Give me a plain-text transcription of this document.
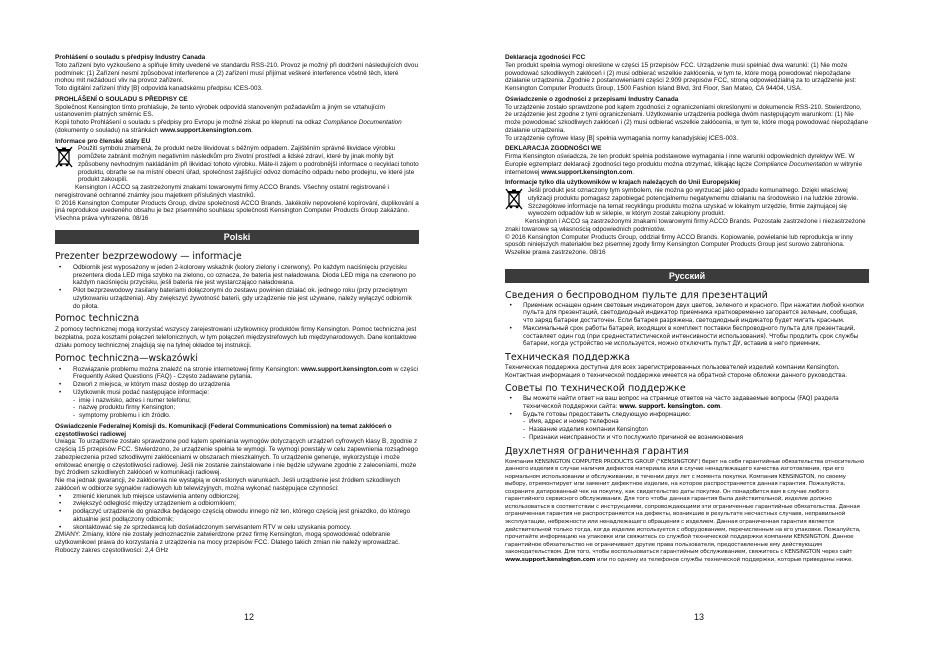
Prohlášení o souladu s předpisy Industry Canada

Toto zařízení bylo vyzkoušeno a splňuje limity uvedené ve standardu RSS-210. Provoz je možný při dodržení následujících dvou podmínek: (1) Zařízení nesmí způsobovat interference a (2) zařízení musí přijímat veškeré interference včetně těch, které mohou mít nežádoucí vliv na provoz zařízení.

Toto digitální zařízení třídy [B] odpovídá kanadskému předpisu ICES-003.

PROHLÁŠENÍ O SOULADU S PŘEDPISY CE

Společnost Kensington tímto prohlašuje, že tento výrobek odpovídá stanoveným požadavkům a jiným se vztahujícím ustanovením platných směrnic ES.

Kopii tohoto Prohlášení o souladu s předpisy pro Evropu je možné získat po klepnutí na odkaz Compliance Documentation (dokumenty o souladu) na stránkách www.support.kensington.com.

Informace pro členské státy EU

Použití symbolu znamená, že produkt nelze likvidovat s běžným odpadem. Zajištěním správné likvidace výrobku pomůžete zabránit možným negativním následkům pro životní prostředí a lidské zdraví, které by jinak mohly být způsobeny nevhodným nakládáním při likvidaci tohoto výrobku. Máte-li zájem o podrobnější informace o recyklaci tohoto produktu, obraťte se na místní obecní úřad, společnost zajišťující odvoz domácího odpadu nebo prodejnu, ve které jste produkt zakoupili.

Kensington i ACCO są zastrzeżonymi znakami towarowymi firmy ACCO Brands. Všechny ostatní registrované i neregistrované ochranné známky jsou majetkem příslušných vlastníků.

© 2016 Kensington Computer Products Group, divize společnosti ACCO Brands. Jakékoliv nepovolené kopírování, duplikování a jiná reprodukce uvedeného obsahu je bez písemného souhlasu společnosti Kensington Computer Products Group zakázáno. Všechna práva vyhrazena. 08/16

Polski
Prezenter bezprzewodowy — informacje
• Odbiornik jest wyposażony w jeden 2-kolorowy wskaźnik (kolory zielony i czerwony). Po każdym naciśnięciu przycisku prezentera dioda LED miga szybko na zielono, co oznacza, że bateria jest naładowana. Dioda LED miga na czerwono po każdym naciśnięciu przycisku, jeśli bateria nie jest wystarczająco naładowana.
• Pilot bezprzewodowy zasilany bateriami dołączonymi do zestawu powinien działać ok. jednego roku (przy przeciętnym użytkowaniu urządzenia). Aby zwiększyć żywotność baterii, gdy urządzenie nie jest używane, należy wyłączyć odbiornik do pilota.
Pomoc techniczna

Z pomocy technicznej mogą korzystać wszyscy zarejestrowani użytkownicy produktów firmy Kensington. Pomoc techniczna jest bezpłatna, poza kosztami połączeń telefonicznych, w tym połączeń międzystrefowych lub międzynarodowych. Dane kontaktowe działu pomocy technicznej znajdują się na tylnej okładce tej instrukcji.

Pomoc techniczna—wskazówki
• Rozwiązanie problemu można znaleźć na stronie internetowej firmy Kensington: www.support.kensington.com w części Frequently Asked Questions (FAQ) - Często zadawane pytania.
• Dzwoń z miejsca, w którym masz dostęp do urządzenia
• Użytkownik musi podać następujące informacje:
- imię i nazwisko, adres i numer telefonu;
- nazwę produktu firmy Kensington;
- symptomy problemu i ich źródło.

Oświadczenie Federalnej Komisji ds. Komunikacji (Federal Communications Commission) na temat zakłóceń o częstotliwości radiowej

Uwaga: To urządzenie zostało sprawdzone pod kątem spełniania wymogów dotyczących urządzeń cyfrowych klasy B, zgodnie z częścią 15 przepisów FCC. Stwierdzono, że urządzenie spełnia te wymogi. Te wymogi powstały w celu zapewnienia rozsądnego zabezpieczenia przed szkodliwymi zakłóceniami w obszarach mieszkalnych. To urządzenie generuje, wykorzystuje i może emitować energię o częstotliwości radiowej. Jeśli nie zostanie zainstalowane i nie będzie używane zgodnie z zaleceniami, może być źródłem szkodliwych zakłóceń w komunikacji radiowej.

Nie ma jednak gwarancji, że zakłócenia nie wystąpią w określonych warunkach. Jeśli urządzenie jest źródłem szkodliwych zakłóceń w odbiorze sygnałów radiowych lub telewizyjnych, można wykonać następujące czynności:

• zmienić kierunek lub miejsce ustawienia anteny odbiorczej;
• zwiększyć odległość między urządzeniem a odbiornikiem;
• podłączyć urządzenie do gniazdka będącego częścią obwodu innego niż ten, którego częścią jest gniazdko, do którego aktualnie jest podłączony odbiornik;
• skontaktować się ze sprzedawcą lub doświadczonym serwisantem RTV w celu uzyskania pomocy.

ZMIANY: Zmiany, które nie zostały jednoznacznie zatwierdzone przez firmę Kensington, mogą spowodować odebranie użytkownikowi prawa do korzystania z urządzenia na mocy przepisów FCC. Dlatego takich zmian nie należy wprowadzać.

Roboczy zakres częstotliwości: 2,4 GHz

12

Deklaracja zgodności FCC

Ten produkt spełnia wymogi określone w części 15 przepisów FCC. Urządzenie musi spełniać dwa warunki: (1) Nie może powodować szkodliwych zakłóceń i (2) musi odbierać wszelkie zakłócenia, w tym te, które mogą powodować niepożądane działanie urządzenia. Zgodnie z postanowieniami części 2.909 przepisów FCC, stroną odpowiedzialną za to urządzenie jest: Kensington Computer Products Group, 1500 Fashion Island Blvd, 3rd Floor, San Mateo, CA 94404, USA.

Oświadczenie o zgodności z przepisami Industry Canada

To urządzenie zostało sprawdzone pod kątem zgodności z ograniczeniami określonymi w dokumencie RSS-210. Stwierdzono, że urządzenie jest zgodne z tymi ograniczeniami. Użytkowanie urządzenia podlega dwóm następującym warunkom: (1) Nie może powodować szkodliwych zakłóceń i (2) musi odbierać wszelkie zakłócenia, w tym te, które mogą powodować niepożądane działanie urządzenia.

To urządzenie cyfrowe klasy [B] spełnia wymagania normy kanadyjskiej ICES-003.

DEKLARACJA ZGODNOŚCI WE

Firma Kensington oświadcza, że ten produkt spełnia podstawowe wymagania i inne warunki odpowiednich dyrektyw WE. W Europie egzemplarz deklaracji zgodności tego produktu można otrzymać, klikając łącze Compliance Documentation w witrynie internetowej www.support.kensington.com.

Informacje tylko dla użytkowników w krajach należących do Unii Europejskiej

Jeśli produkt jest oznaczony tym symbolem, nie można go wyrzucać jako odpadu komunalnego. Dzięki właściwej utylizacji produktu pomagasz zapobiegać potencjalnemu negatywnemu działaniu na środowisko i na ludzkie zdrowie. Szczegółowe informacje na temat recyklingu produktu można uzyskać w lokalnym urzędzie, firmie zajmującej się wywozem odpadów lub w sklepie, w którym został zakupiony produkt.

Kensington i ACCO są zastrzeżonymi znakami towarowymi firmy ACCO Brands. Pozostałe zastrzeżone i niezastrzeżone znaki towarowe są własnością odpowiednich podmiotów.

© 2016 Kensington Computer Products Group, oddział firmy ACCO Brands. Kopiowanie, powielanie lub reprodukcja w inny sposób niniejszych materiałów bez pisemnej zgody firmy Kensington Computer Products Group jest surowo zabroniona. Wszelkie prawa zastrzeżone. 08/16

Русский
Сведения о беспроводном пульте для презентаций
• Приемник оснащен одним световым индикатором двух цветов, зеленого и красного. При нажатии любой кнопки пульта для презентаций, светодиодный индикатор приемника кратковременно загорается зеленым, сообщая, что заряд батареи достаточен. Если батарея разряжена, светодиодный индикатор будет мигать красным.
• Максимальный срок работы батарей, входящих в комплект поставки беспроводного пульта для презентаций, составляет один год (при среднестатистической интенсивности использования). Чтобы продлить срок службы батареи, когда устройство не используется, можно отключить пульт ДУ, вставив в него приемник.
Техническая поддержка

Техническая поддержка доступна для всех зарегистрированных пользователей изделий компании Kensington. Контактная информация о технической поддержке имеется на обратной стороне обложки данного руководства.

Советы по технической поддержке
• Вы можете найти ответ на ваш вопрос на странице ответов на часто задаваемые вопросы (FAQ) раздела технической поддержки сайта: www. support. kensington. com.
• Будьте готовы предоставить следующую информацию:
- Имя, адрес и номер телефона
- Название изделия компании Kensington
- Признаки неисправности и что послужило причиной ее возникновения
Двухлетняя ограниченная гарантия

Компания KENSINGTON COMPUTER PRODUCTS GROUP ("KENSINGTON") берет на себя гарантийные обязательства относительно данного изделия в случае наличия дефектов материала или в случае ненадлежащего качества изготовления, при его нормальном использовании и обслуживании, в течении двух лет с момента покупки. Компания KENSINGTON, по своему выбору, отремонтирует или заменит дефектное изделие, на которое распространяется данная гарантия. Пожалуйста, сохраните датированный чек на покупку, как свидетельство даты покупки. Он понадобится вам в случае любого гарантийного сервисного обслуживания. Для того чтобы данная гарантия была действительной, изделие должно использоваться в соответствии с инструкциями, сопровождающими эти ограниченные гарантийные обязательства. Данная ограниченная гарантия не распространяется на дефекты, возникшие в результате несчастных случаев, неправильной эксплуатации, небрежности или ненадлежащего обращения с изделием. Данная ограниченная гарантия является действительной только тогда, когда изделие используется с оборудованием, перечисленным на его упаковке. Пожалуйста, прочитайте информацию на упаковке или свяжитесь со службой технической поддержки компании KENSINGTON. Данное гарантийное обязательство не ограничивает другие права пользователя, предоставленные ему действующим законодательством. Для того, чтобы воспользоваться гарантийным обслуживанием, свяжитесь с KENSINGTON через сайт www.support.kensington.com или по одному из телефонов службы технической поддержки, которые приведены ниже.

13
